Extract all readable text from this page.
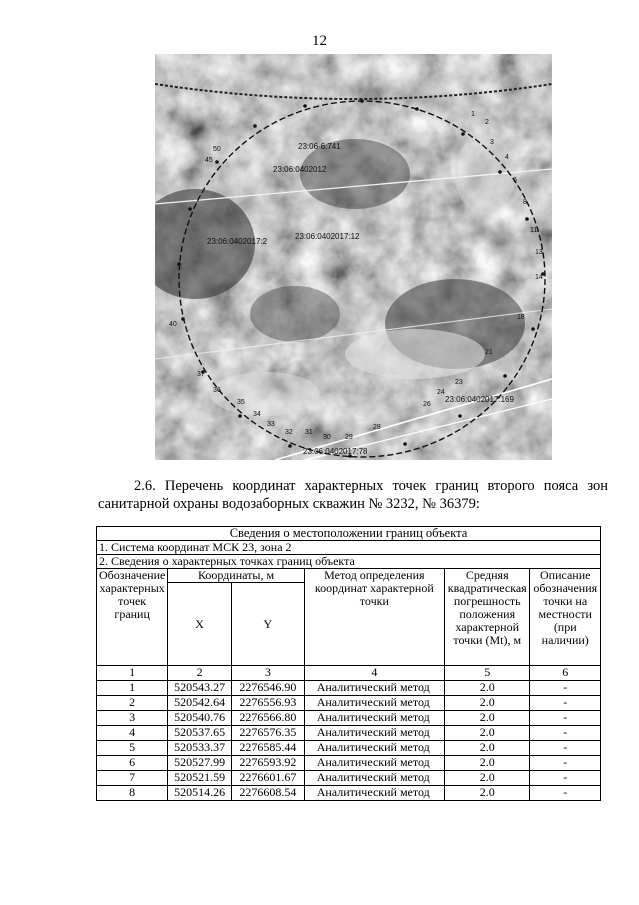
12
23:06:0402012
23:06-6.741
23:06:0402017:2
23:06:0402017:12
23:06:0402017:169
23:06:0402017:78
1
2
3
4
6
8
11
13
14
18
21
23
24
26
28
29
30
31
32
33
34
35
36
37
40
45
50
2.6. Перечень координат характерных точек границ второго пояса зон санитарной охраны водозаборных скважин № 3232, № 36379:
Сведения о местоположении границ объекта					
1. Система координат МСК 23, зона 2					
2. Сведения о характерных точках границ объекта					
Обозначение характерных точек границ	Координаты, м		Метод определения координат характерной точки	Средняя квадратическая погрешность положения характерной точки (Mt), м	Описание обозначения точки на местности (при наличии)
	X	Y			
1	2	3	4	5	6
1	520543.27	2276546.90	Аналитический метод	2.0	-
2	520542.64	2276556.93	Аналитический метод	2.0	-
3	520540.76	2276566.80	Аналитический метод	2.0	-
4	520537.65	2276576.35	Аналитический метод	2.0	-
5	520533.37	2276585.44	Аналитический метод	2.0	-
6	520527.99	2276593.92	Аналитический метод	2.0	-
7	520521.59	2276601.67	Аналитический метод	2.0	-
8	520514.26	2276608.54	Аналитический метод	2.0	-
